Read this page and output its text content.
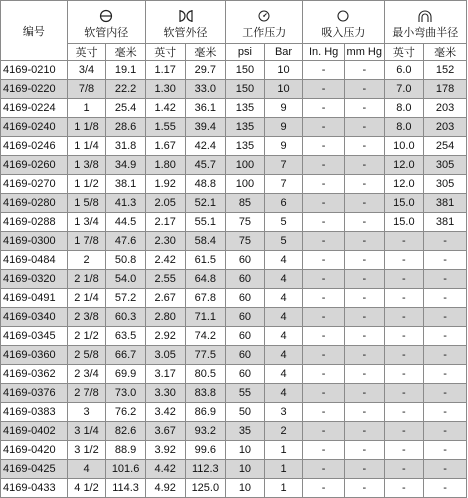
编号	软管内径		软管外径		工作压力		吸入压力		最小弯曲半径	

	英寸	毫米	英寸	毫米	psi	Bar	In. Hg	mm Hg	英寸	毫米
4169-0210	3/4	19.1	1.17	29.7	150	10	-	-	6.0	152
4169-0220	7/8	22.2	1.30	33.0	150	10	-	-	7.0	178
4169-0224	1	25.4	1.42	36.1	135	9	-	-	8.0	203
4169-0240	1 1/8	28.6	1.55	39.4	135	9	-	-	8.0	203
4169-0246	1 1/4	31.8	1.67	42.4	135	9	-	-	10.0	254
4169-0260	1 3/8	34.9	1.80	45.7	100	7	-	-	12.0	305
4169-0270	1 1/2	38.1	1.92	48.8	100	7	-	-	12.0	305
4169-0280	1 5/8	41.3	2.05	52.1	85	6	-	-	15.0	381
4169-0288	1 3/4	44.5	2.17	55.1	75	5	-	-	15.0	381
4169-0300	1 7/8	47.6	2.30	58.4	75	5	-	-	-	-
4169-0484	2	50.8	2.42	61.5	60	4	-	-	-	-
4169-0320	2 1/8	54.0	2.55	64.8	60	4	-	-	-	-
4169-0491	2 1/4	57.2	2.67	67.8	60	4	-	-	-	-
4169-0340	2 3/8	60.3	2.80	71.1	60	4	-	-	-	-
4169-0345	2 1/2	63.5	2.92	74.2	60	4	-	-	-	-
4169-0360	2 5/8	66.7	3.05	77.5	60	4	-	-	-	-
4169-0362	2 3/4	69.9	3.17	80.5	60	4	-	-	-	-
4169-0376	2 7/8	73.0	3.30	83.8	55	4	-	-	-	-
4169-0383	3	76.2	3.42	86.9	50	3	-	-	-	-
4169-0402	3 1/4	82.6	3.67	93.2	35	2	-	-	-	-
4169-0420	3 1/2	88.9	3.92	99.6	10	1	-	-	-	-
4169-0425	4	101.6	4.42	112.3	10	1	-	-	-	-
4169-0433	4 1/2	114.3	4.92	125.0	10	1	-	-	-	-
